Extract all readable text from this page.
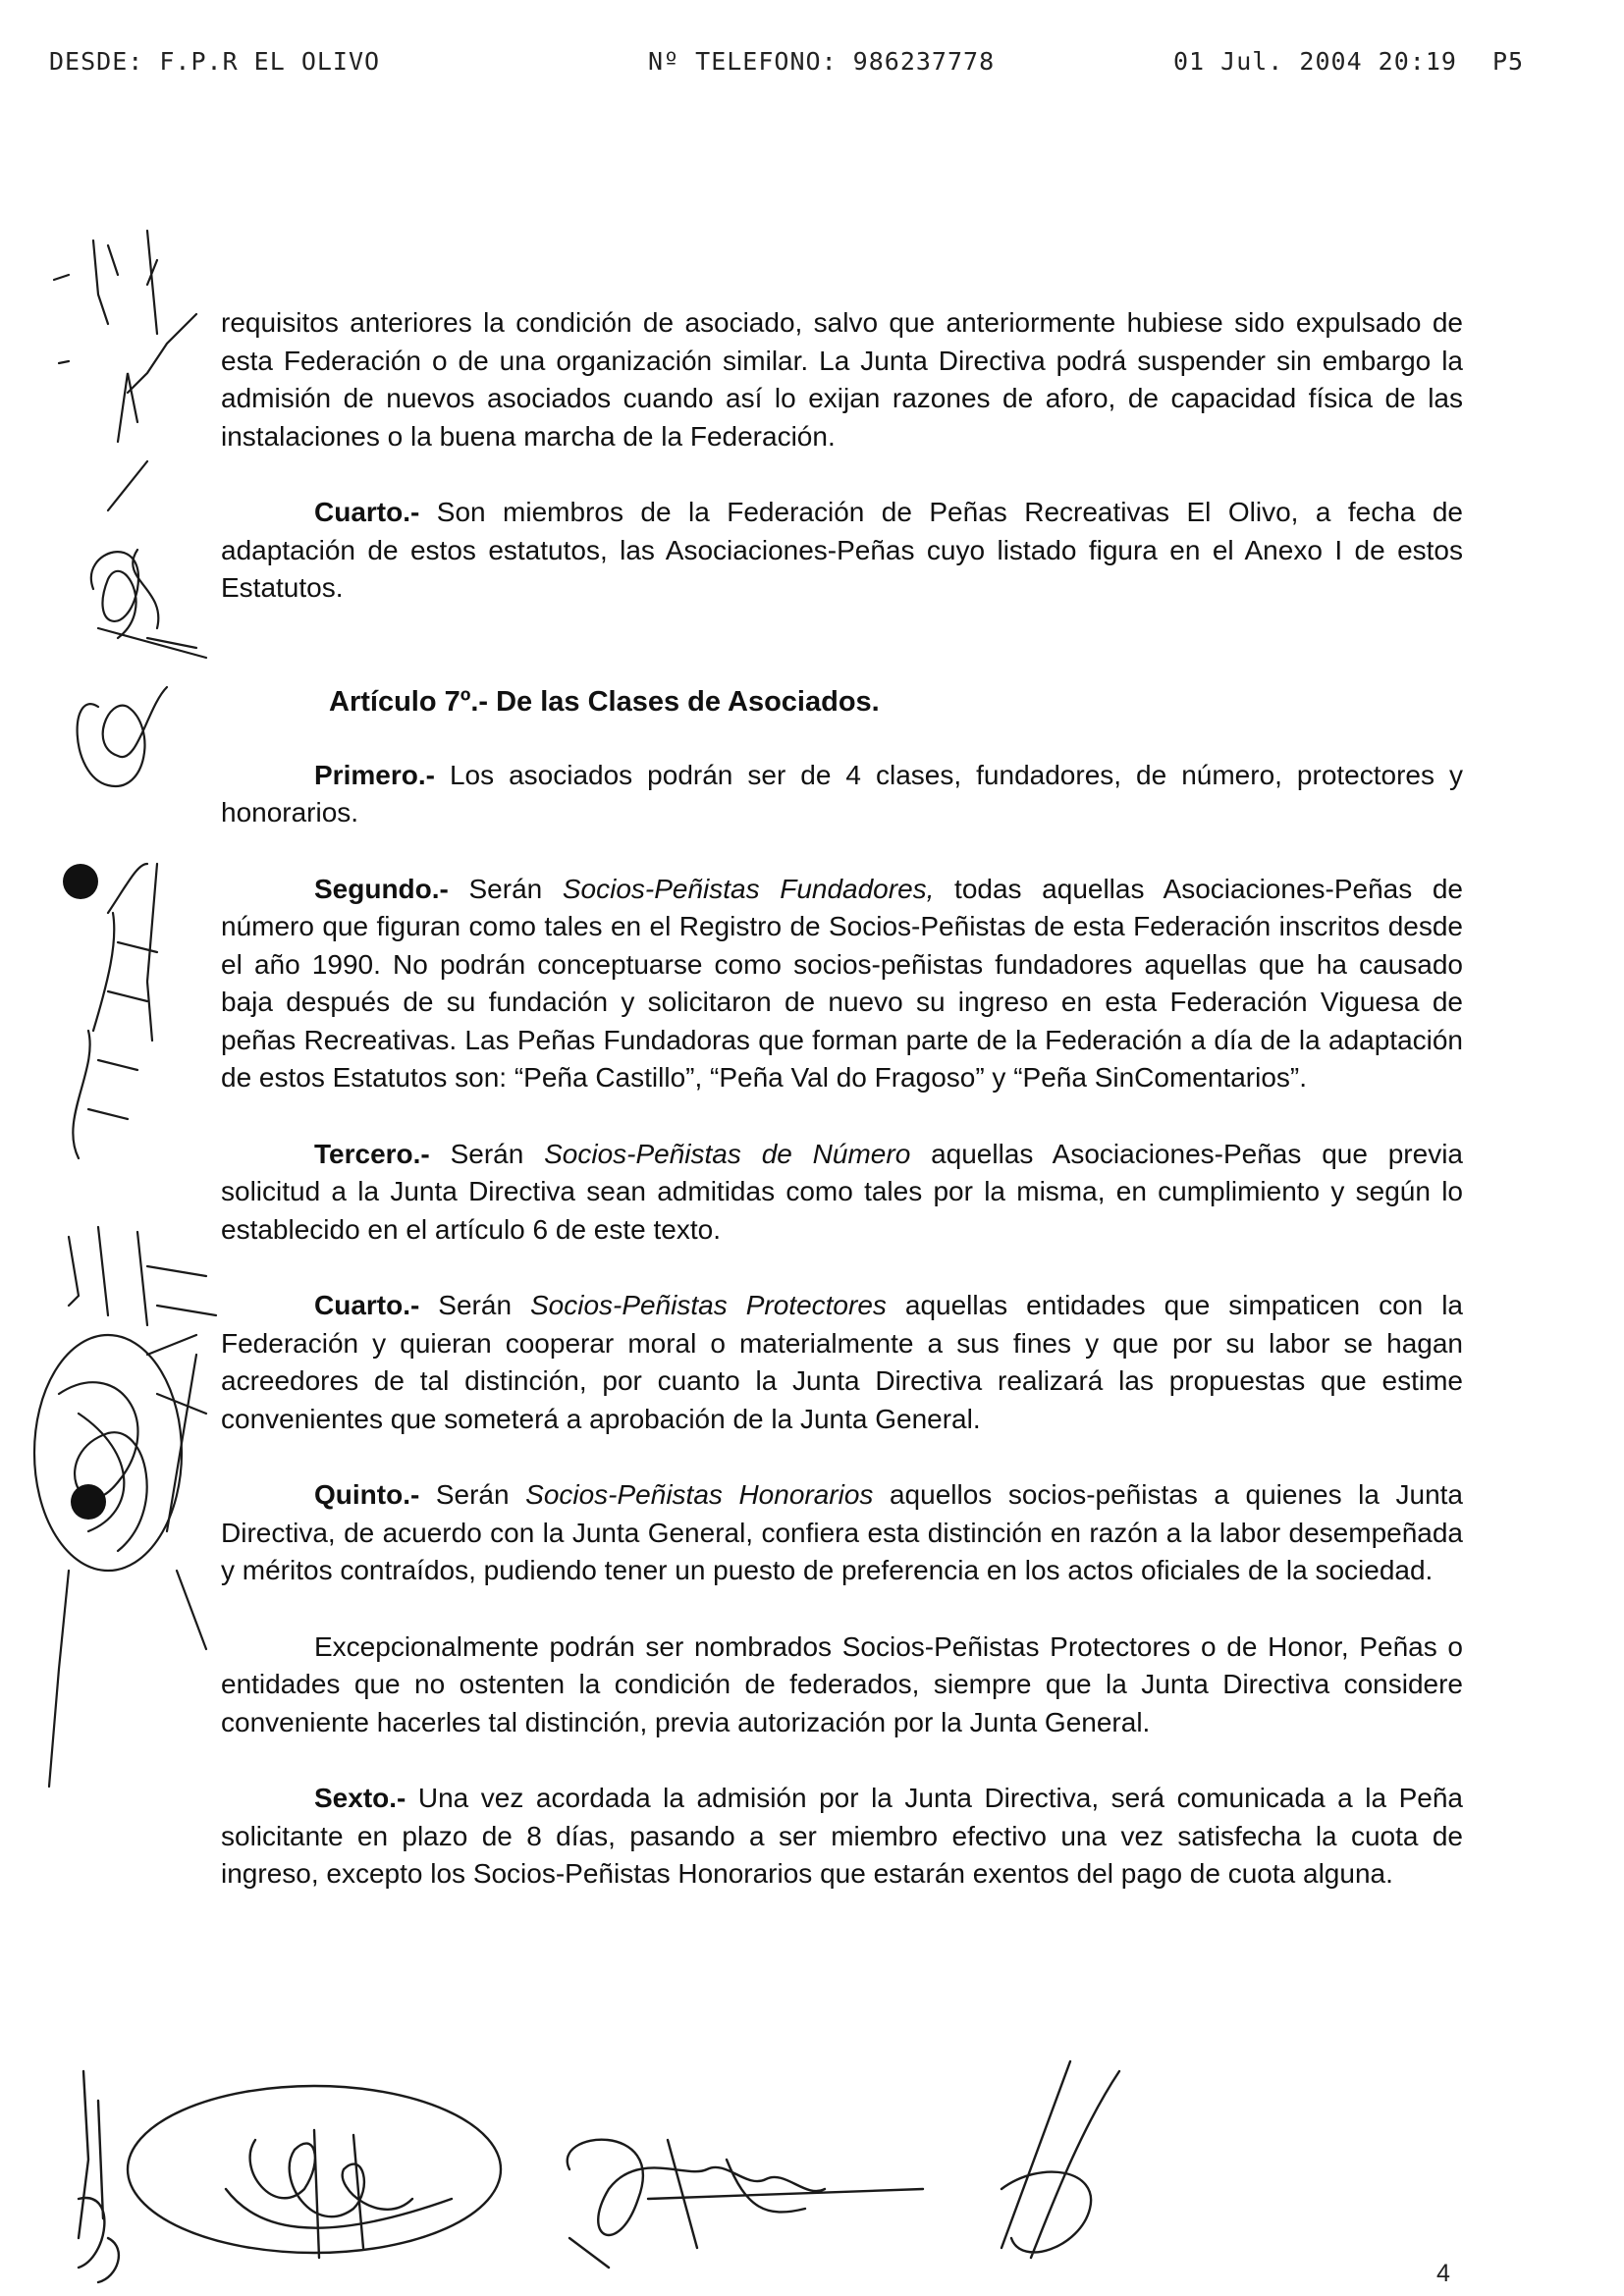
DESDE: F.P.R EL OLIVO	Nº TELEFONO: 986237778	01 Jul. 2004 20:19 P5

requisitos anteriores la condición de asociado, salvo que anteriormente hubiese sido expulsado de esta Federación o de una organización similar. La Junta Directiva podrá suspender sin embargo la admisión de nuevos asociados cuando así lo exijan razones de aforo, de capacidad física de las instalaciones o la buena marcha de la Federación.

Cuarto.- Son miembros de la Federación de Peñas Recreativas El Olivo, a fecha de adaptación de estos estatutos, las Asociaciones-Peñas cuyo listado figura en el Anexo I de estos Estatutos.

Artículo 7º.- De las Clases de Asociados.

Primero.- Los asociados podrán ser de 4 clases, fundadores, de número, protectores y honorarios.

Segundo.- Serán Socios-Peñistas Fundadores, todas aquellas Asociaciones-Peñas de número que figuran como tales en el Registro de Socios-Peñistas de esta Federación inscritos desde el año 1990. No podrán conceptuarse como socios-peñistas fundadores aquellas que ha causado baja después de su fundación y solicitaron de nuevo su ingreso en esta Federación Viguesa de peñas Recreativas. Las Peñas Fundadoras que forman parte de la Federación a día de la adaptación de estos Estatutos son: “Peña Castillo”, “Peña Val do Fragoso” y “Peña SinComentarios”.

Tercero.- Serán Socios-Peñistas de Número aquellas Asociaciones-Peñas que previa solicitud a la Junta Directiva sean admitidas como tales por la misma, en cumplimiento y según lo establecido en el artículo 6 de este texto.

Cuarto.- Serán Socios-Peñistas Protectores aquellas entidades que simpaticen con la Federación y quieran cooperar moral o materialmente a sus fines y que por su labor se hagan acreedores de tal distinción, por cuanto la Junta Directiva realizará las propuestas que estime convenientes que someterá a aprobación de la Junta General.

Quinto.- Serán Socios-Peñistas Honorarios aquellos socios-peñistas a quienes la Junta Directiva, de acuerdo con la Junta General, confiera esta distinción en razón a la labor desempeñada y méritos contraídos, pudiendo tener un puesto de preferencia en los actos oficiales de la sociedad.

Excepcionalmente podrán ser nombrados Socios-Peñistas Protectores o de Honor, Peñas o entidades que no ostenten la condición de federados, siempre que la Junta Directiva considere conveniente hacerles tal distinción, previa autorización por la Junta General.

Sexto.- Una vez acordada la admisión por la Junta Directiva, será comunicada a la Peña solicitante en plazo de 8 días, pasando a ser miembro efectivo una vez satisfecha la cuota de ingreso, excepto los Socios-Peñistas Honorarios que estarán exentos del pago de cuota alguna.

4
